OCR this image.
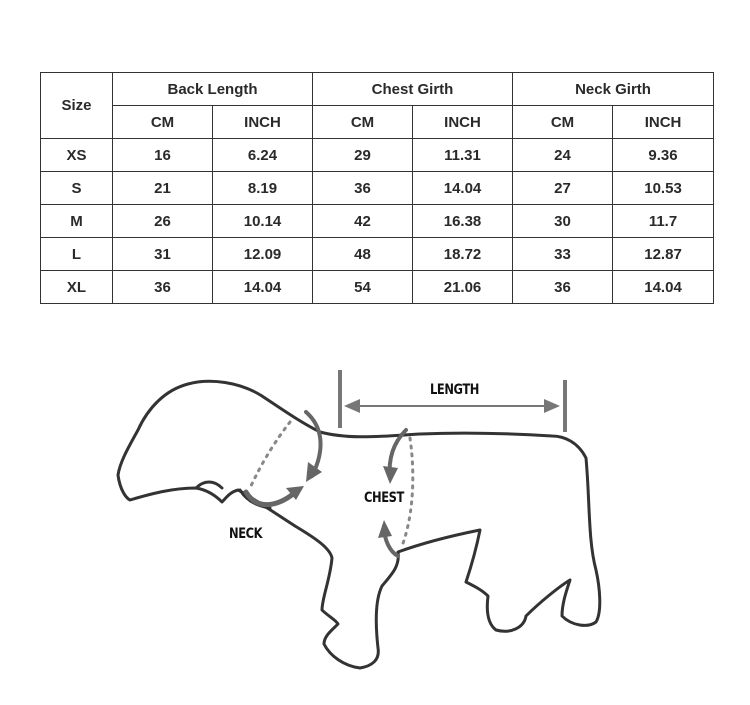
Size	Back Length		Chest Girth		Neck Girth	
	CM	INCH	CM	INCH	CM	INCH
XS	16	6.24	29	11.31	24	9.36
S	21	8.19	36	14.04	27	10.53
M	26	10.14	42	16.38	30	11.7
L	31	12.09	48	18.72	33	12.87
XL	36	14.04	54	21.06	36	14.04
LENGTH
CHEST
NECK
